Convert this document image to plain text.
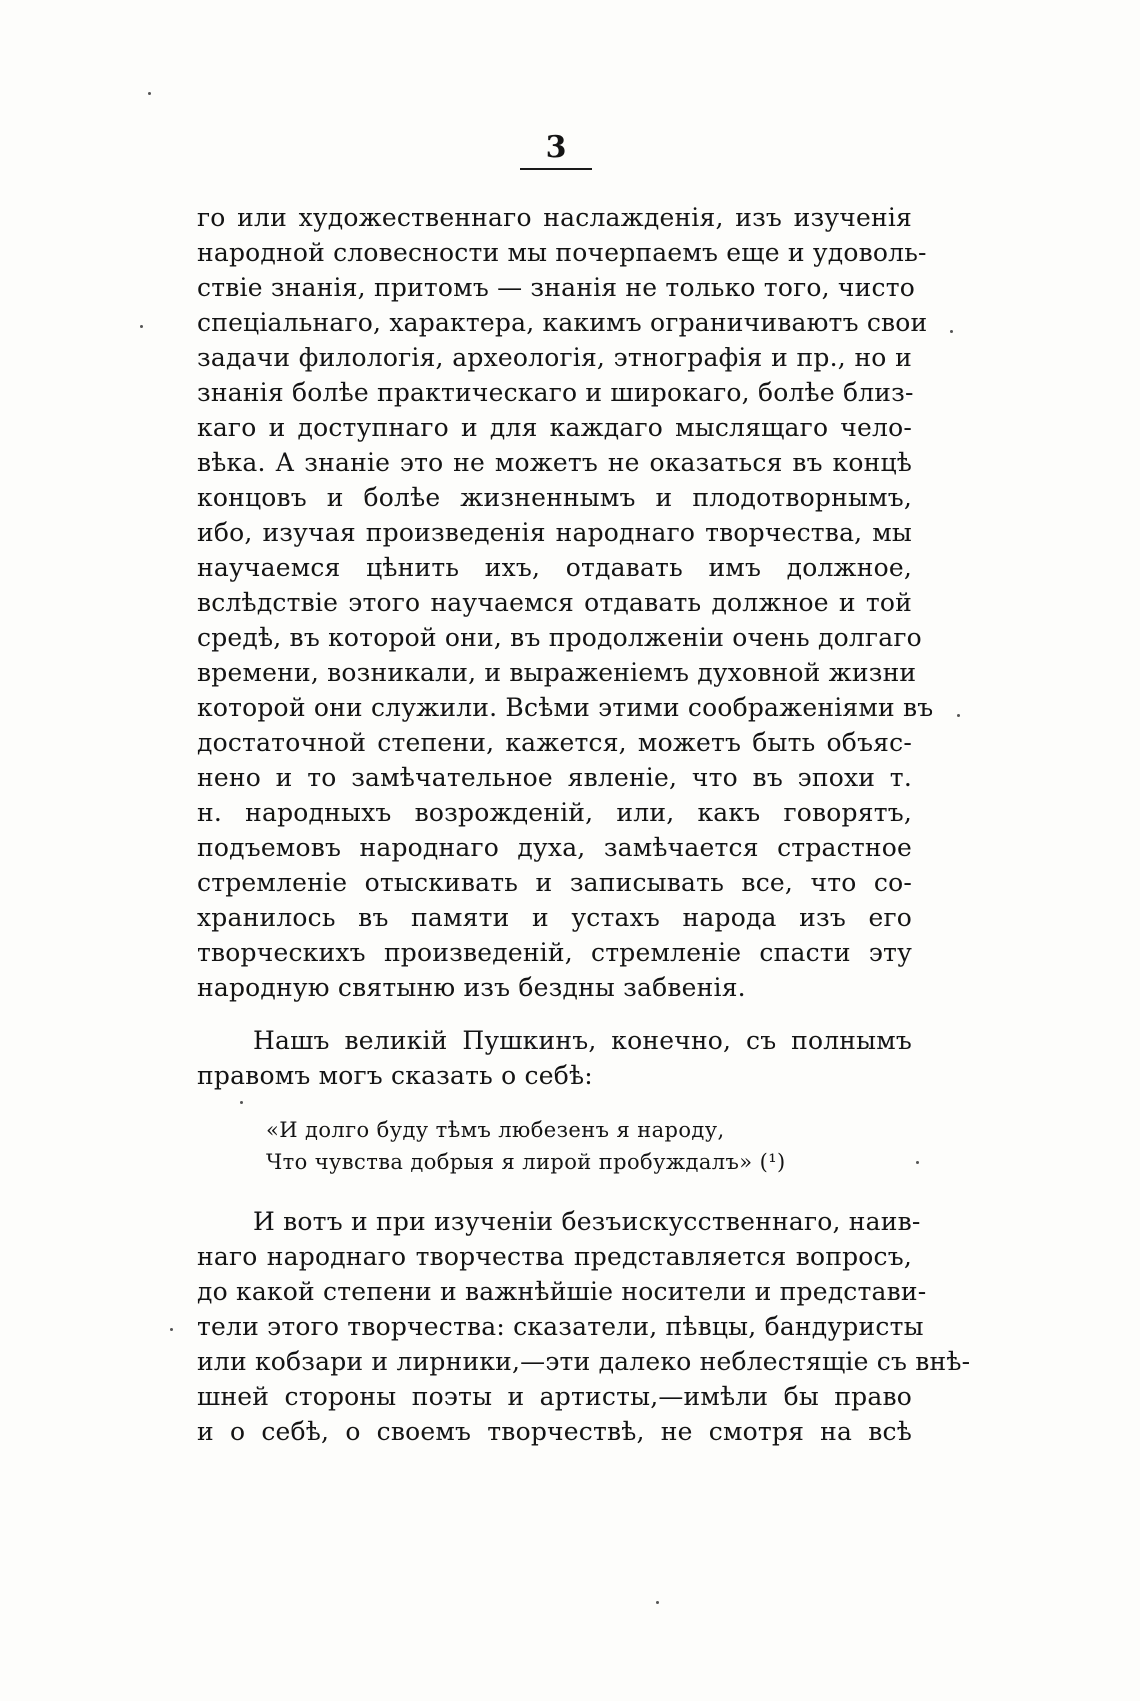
3
го или художественнаго наслажденія, изъ изученія
народной словесности мы почерпаемъ еще и удоволь-
ствіе знанія, притомъ — знанія не только того, чисто
спеціальнаго, характера, какимъ ограничиваютъ свои
задачи филологія, археологія, этнографія и пр., но и
знанія болѣе практическаго и широкаго, болѣе близ-
каго и доступнаго и для каждаго мыслящаго чело-
вѣка. А знаніе это не можетъ не оказаться въ концѣ
концовъ и болѣе жизненнымъ и плодотворнымъ,
ибо, изучая произведенія народнаго творчества, мы
научаемся цѣнить ихъ, отдавать имъ должное,
вслѣдствіе этого научаемся отдавать должное и той
средѣ, въ которой они, въ продолженіи очень долгаго
времени, возникали, и выраженіемъ духовной жизни
которой они служили. Всѣми этими соображеніями въ
достаточной степени, кажется, можетъ быть объяс-
нено и то замѣчательное явленіе, что въ эпохи т.
н. народныхъ возрожденій, или, какъ говорятъ,
подъемовъ народнаго духа, замѣчается страстное
стремленіе отыскивать и записывать все, что со-
хранилось въ памяти и устахъ народа изъ его
творческихъ произведеній, стремленіе спасти эту
народную святыню изъ бездны забвенія.
Нашъ великій Пушкинъ, конечно, съ полнымъ
правомъ могъ сказать о себѣ:
«И долго буду тѣмъ любезенъ я народу,
Что чувства добрыя я лирой пробуждалъ» (¹)
И вотъ и при изученіи безъискусственнаго, наив-
наго народнаго творчества представляется вопросъ,
до какой степени и важнѣйшіе носители и представи-
тели этого творчества: сказатели, пѣвцы, бандуристы
или кобзари и лирники,—эти далеко неблестящіе съ внѣ-
шней стороны поэты и артисты,—имѣли бы право
и о себѣ, о своемъ творчествѣ, не смотря на всѣ
